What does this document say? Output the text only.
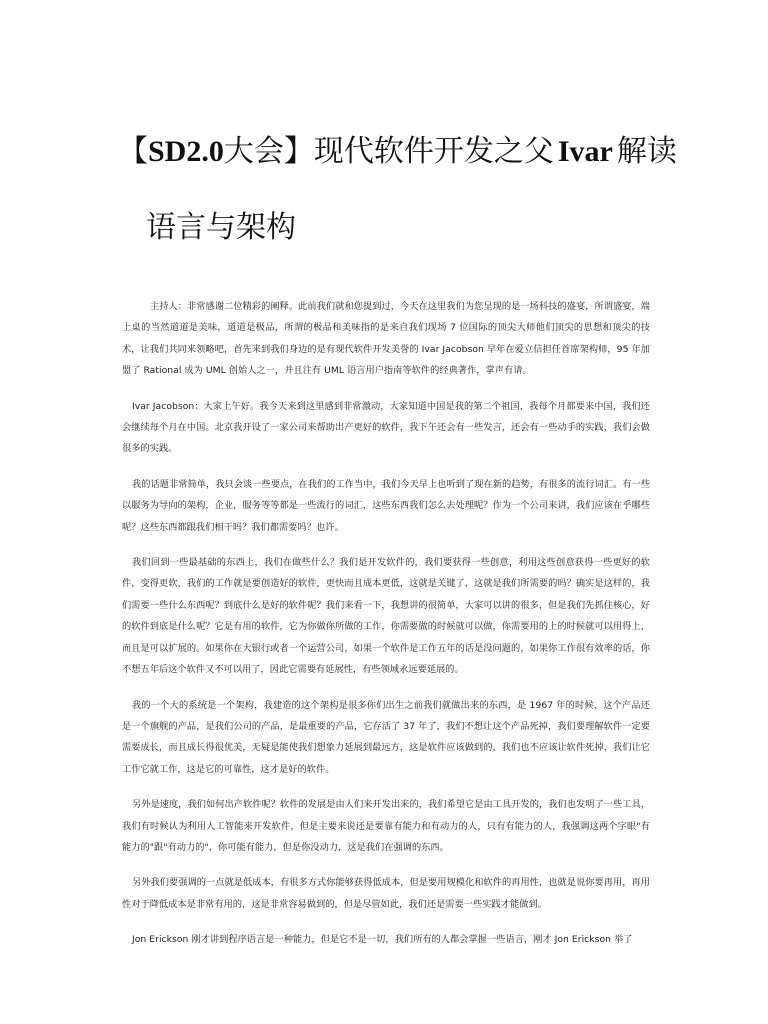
【SD2.0大会】现代软件开发之父 Ivar 解读
语言与架构

主持人：非常感谢二位精彩的阐释。此前我们就和您提到过，今天在这里我们为您呈现的是一场科技的盛宴，所谓盛宴，端上桌的当然道道是美味，道道是极品，所谓的极品和美味指的是来自我们现场 7 位国际的顶尖大师他们顶尖的思想和顶尖的技术，让我们共同来领略吧，首先来到我们身边的是有现代软件开发美誉的 Ivar Jacobson 早年在爱立信担任首席架构师，95 年加盟了 Rational 成为 UML 创始人之一，并且注有 UML 语言用户指南等软件的经典著作，掌声有请。

Ivar Jacobson：大家上午好。我今天来到这里感到非常激动，大家知道中国是我的第二个祖国，我每个月都要来中国，我们还会继续每个月在中国。北京我开设了一家公司来帮助出产更好的软件，我下午还会有一些发言，还会有一些动手的实践，我们会做很多的实践。

我的话题非常简单，我只会谈一些要点，在我们的工作当中，我们今天早上也听到了现在新的趋势，有很多的流行词汇。有一些以服务为导向的架构，企业，服务等等都是一些流行的词汇，这些东西我们怎么去处理呢？作为一个公司来讲，我们应该在乎哪些呢？这些东西都跟我们相干吗？我们都需要吗？也许。

我们回到一些最基础的东西上，我们在做些什么？我们是开发软件的，我们要获得一些创意，利用这些创意获得一些更好的软件，变得更软，我们的工作就是要创造好的软件，更快而且成本更低，这就是关键了，这就是我们所需要的吗？确实是这样的，我们需要一些什么东西呢？到底什么是好的软件呢？我们来看一下，我想讲的很简单，大家可以讲的很多，但是我们先抓住核心，好的软件到底是什么呢？它是有用的软件，它为你做你所做的工作，你需要做的时候就可以做，你需要用的上的时候就可以用得上，而且是可以扩展的。如果你在大银行或者一个运营公司，如果一个软件是工作五年的话是没问题的，如果你工作很有效率的话，你不想五年后这个软件又不可以用了，因此它需要有延展性，有些领域永远要延展的。

我的一个大的系统是一个架构，我建造的这个架构是很多你们出生之前我们就做出来的东西，是 1967 年的时候，这个产品还是一个旗舰的产品，是我们公司的产品，是最重要的产品，它存活了 37 年了，我们不想让这个产品死掉，我们要理解软件一定要需要成长，而且成长得很优美，无疑是能使我们想象力延展到最远方，这是软件应该做到的，我们也不应该让软件死掉，我们让它工作它就工作，这是它的可靠性，这才是好的软件。

另外是速度，我们如何出产软件呢？软件的发展是由人们来开发出来的，我们希望它是由工具开发的，我们也发明了一些工具，我们有时候认为利用人工智能来开发软件，但是主要来说还是要靠有能力和有动力的人，只有有能力的人，我强调这两个字眼"有能力的"跟"有动力的"，你可能有能力，但是你没动力，这是我们在强调的东西。

另外我们要强调的一点就是低成本，有很多方式你能够获得低成本，但是要用规模化和软件的再用性，也就是说你要再用，再用性对于降低成本是非常有用的，这是非常容易做到的，但是尽管如此，我们还是需要一些实践才能做到。

Jon Erickson 刚才讲到程序语言是一种能力，但是它不是一切，我们所有的人都会掌握一些语言，刚才 Jon Erickson 举了
